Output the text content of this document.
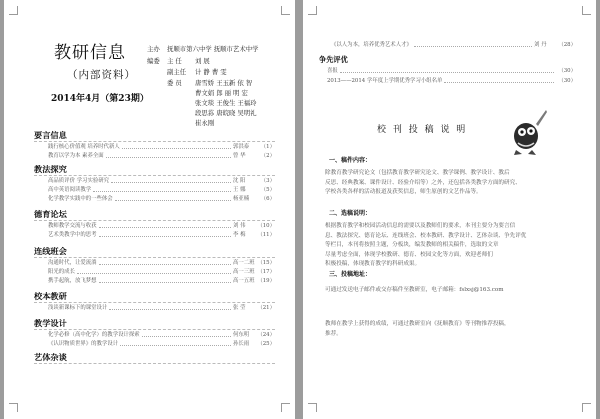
教研信息
（内部资料）
2014年4月（第23期）
主办 抚顺市第六中学 抚顺市艺术中学
编委 主 任 刘 展
副主任 计 静 曹 雯
委 员 唐雪娇 王玉新 依 智
曹文娟 郎 丽 明 宏
张文琰 王俊生 王福玲
段思荪 唐皖晓 吴明礼
崔永刚
要言信息
践行核心价值观 培养时代新人	郭洪泰	（1）
教育以学为本 素养全面	曾 华	（2）
教法探究
高品质评价 学习实验研究	沈 阳	（3）
高中英语阅读教学	王 娜	（5）
化学教学实践中的一些体会	杨亚楠	（6）
德育论坛
教师教学交流与收获	刘 伟	（10）
艺术类教学中的思考	李 梅	（11）
连线班会
沟通时代，让爱流淌	高一二班 （15）
阳光的成长	高一三班 （17）
携手起航，放飞梦想	高一五班 （19）
校本教研
浅谈新课标下的课堂设计	张 莹	（21）
教学设计
化学必修（高中化学）的教学设计探索	何东明	（24）
《认识物质世界》的教学设计	孙长雨	（25）
艺体杂谈
《以人为本，培养优秀艺术人才》	刘 丹	（28）
争先评优
喜报	（30）
2013——2014 学年度上学期优秀学习小组名单	（30）
校 刊 投 稿 说 明
一、稿件内容：
除教育教学研究论文（包括教育教学研究论文、教学课例、教学设计、教后
反思、经典教案、课件设计、经验介绍等）之外，还包括各类教学方面的研究、
学校各类各样的活动报道及获奖信息，师生原创的文艺作品等。
二、选稿说明：
根据教育教学和校园活动信息的需要以及教师们的要求，本刊主要分为要言信
息、教法探究、德育论坛、连线班会、校本教研、教学设计、艺体杂谈、争先评优
等栏目，本刊将按照主题，分板块，编发教师的相关稿件，选取的文章
尽量考虑全面，体现学校教研、德育、校园文化等方面，欢迎老师们
积极投稿，体现教育教学的科研成果。
三、投稿地址：
可通过发送电子邮件或交存稿件至教研室，电子邮箱：fslxsj@163.com
教师在教学上获得的成绩，可通过教研室向《抚顺教育》等刊物推荐投稿，
推荐。
